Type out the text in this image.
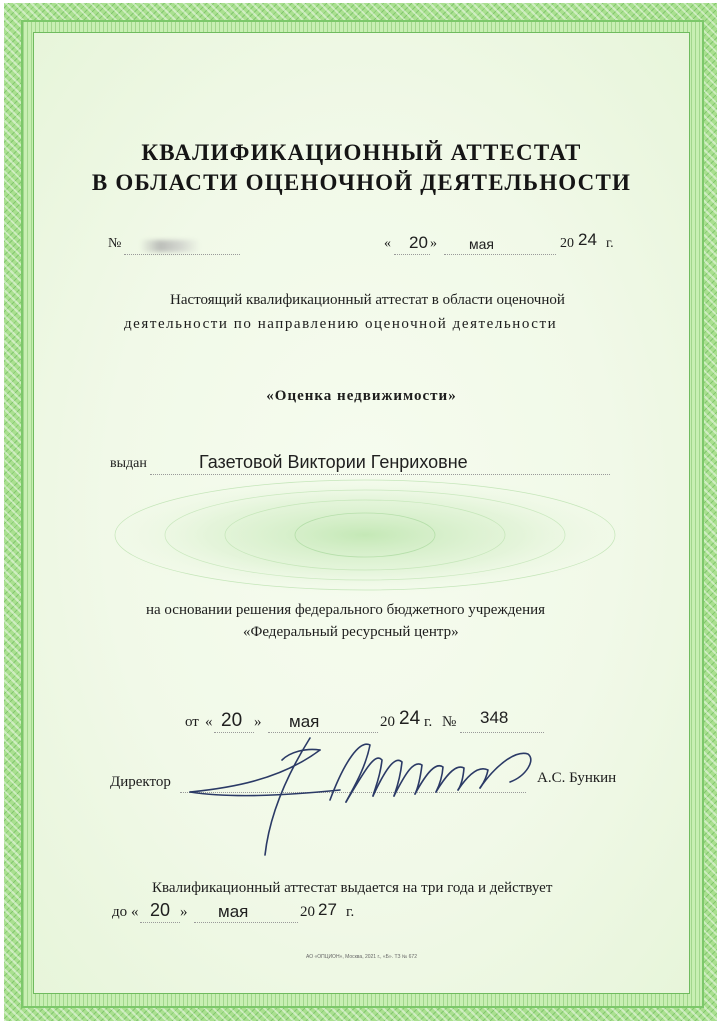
КВАЛИФИКАЦИОННЫЙ АТТЕСТАТ
В ОБЛАСТИ ОЦЕНОЧНОЙ ДЕЯТЕЛЬНОСТИ
№	« 20 » мая	20 24 г.
Настоящий квалификационный аттестат в области оценочной
деятельности по направлению оценочной деятельности
«Оценка недвижимости»
выдан	Газетовой Виктории Генриховне
на основании решения федерального бюджетного учреждения
«Федеральный ресурсный центр»
от « 20 » мая	20 24 г. № 348
Директор	А.С. Бункин
Квалификационный аттестат выдается на три года и действует
до « 20 » мая	20 27 г.
АО «ОПЦИОН», Москва, 2021 г., «Б». ТЗ № 672
